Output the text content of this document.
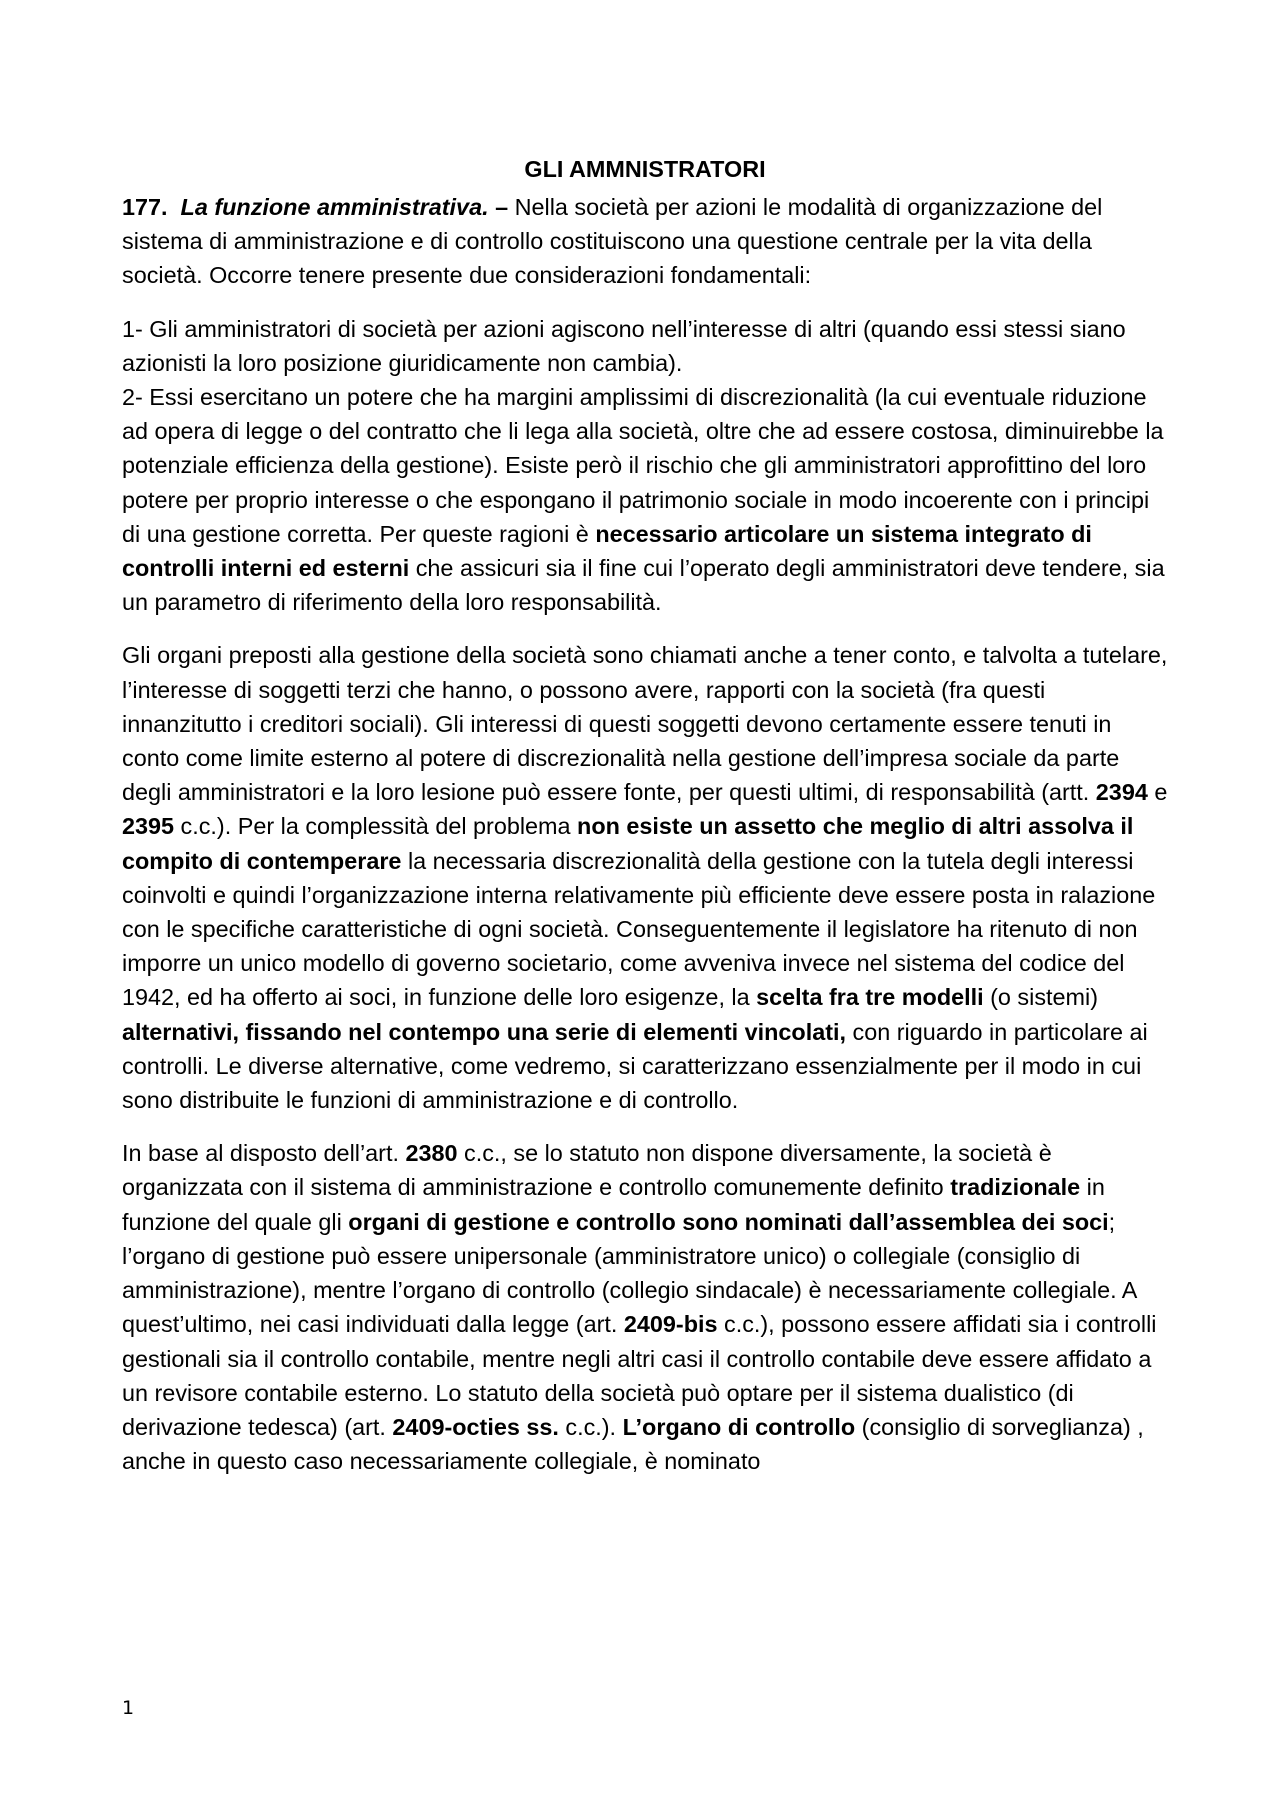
GLI AMMNISTRATORI

177. La funzione amministrativa. – Nella società per azioni le modalità di organizzazione del sistema di amministrazione e di controllo costituiscono una questione centrale per la vita della società. Occorre tenere presente due considerazioni fondamentali:

1- Gli amministratori di società per azioni agiscono nell’interesse di altri (quando essi stessi siano azionisti la loro posizione giuridicamente non cambia).

2- Essi esercitano un potere che ha margini amplissimi di discrezionalità (la cui eventuale riduzione ad opera di legge o del contratto che li lega alla società, oltre che ad essere costosa, diminuirebbe la potenziale efficienza della gestione). Esiste però il rischio che gli amministratori approfittino del loro potere per proprio interesse o che espongano il patrimonio sociale in modo incoerente con i principi di una gestione corretta. Per queste ragioni è necessario articolare un sistema integrato di controlli interni ed esterni che assicuri sia il fine cui l’operato degli amministratori deve tendere, sia un parametro di riferimento della loro responsabilità.

Gli organi preposti alla gestione della società sono chiamati anche a tener conto, e talvolta a tutelare, l’interesse di soggetti terzi che hanno, o possono avere, rapporti con la società (fra questi innanzitutto i creditori sociali). Gli interessi di questi soggetti devono certamente essere tenuti in conto come limite esterno al potere di discrezionalità nella gestione dell’impresa sociale da parte degli amministratori e la loro lesione può essere fonte, per questi ultimi, di responsabilità (artt. 2394 e 2395 c.c.). Per la complessità del problema non esiste un assetto che meglio di altri assolva il compito di contemperare la necessaria discrezionalità della gestione con la tutela degli interessi coinvolti e quindi l’organizzazione interna relativamente più efficiente deve essere posta in ralazione con le specifiche caratteristiche di ogni società. Conseguentemente il legislatore ha ritenuto di non imporre un unico modello di governo societario, come avveniva invece nel sistema del codice del 1942, ed ha offerto ai soci, in funzione delle loro esigenze, la scelta fra tre modelli (o sistemi) alternativi, fissando nel contempo una serie di elementi vincolati, con riguardo in particolare ai controlli. Le diverse alternative, come vedremo, si caratterizzano essenzialmente per il modo in cui sono distribuite le funzioni di amministrazione e di controllo.

In base al disposto dell’art. 2380 c.c., se lo statuto non dispone diversamente, la società è organizzata con il sistema di amministrazione e controllo comunemente definito tradizionale in funzione del quale gli organi di gestione e controllo sono nominati dall’assemblea dei soci; l’organo di gestione può essere unipersonale (amministratore unico) o collegiale (consiglio di amministrazione), mentre l’organo di controllo (collegio sindacale) è necessariamente collegiale. A quest’ultimo, nei casi individuati dalla legge (art. 2409-bis c.c.), possono essere affidati sia i controlli gestionali sia il controllo contabile, mentre negli altri casi il controllo contabile deve essere affidato a un revisore contabile esterno. Lo statuto della società può optare per il sistema dualistico (di derivazione tedesca) (art. 2409-octies ss. c.c.). L’organo di controllo (consiglio di sorveglianza) , anche in questo caso necessariamente collegiale, è nominato

1
